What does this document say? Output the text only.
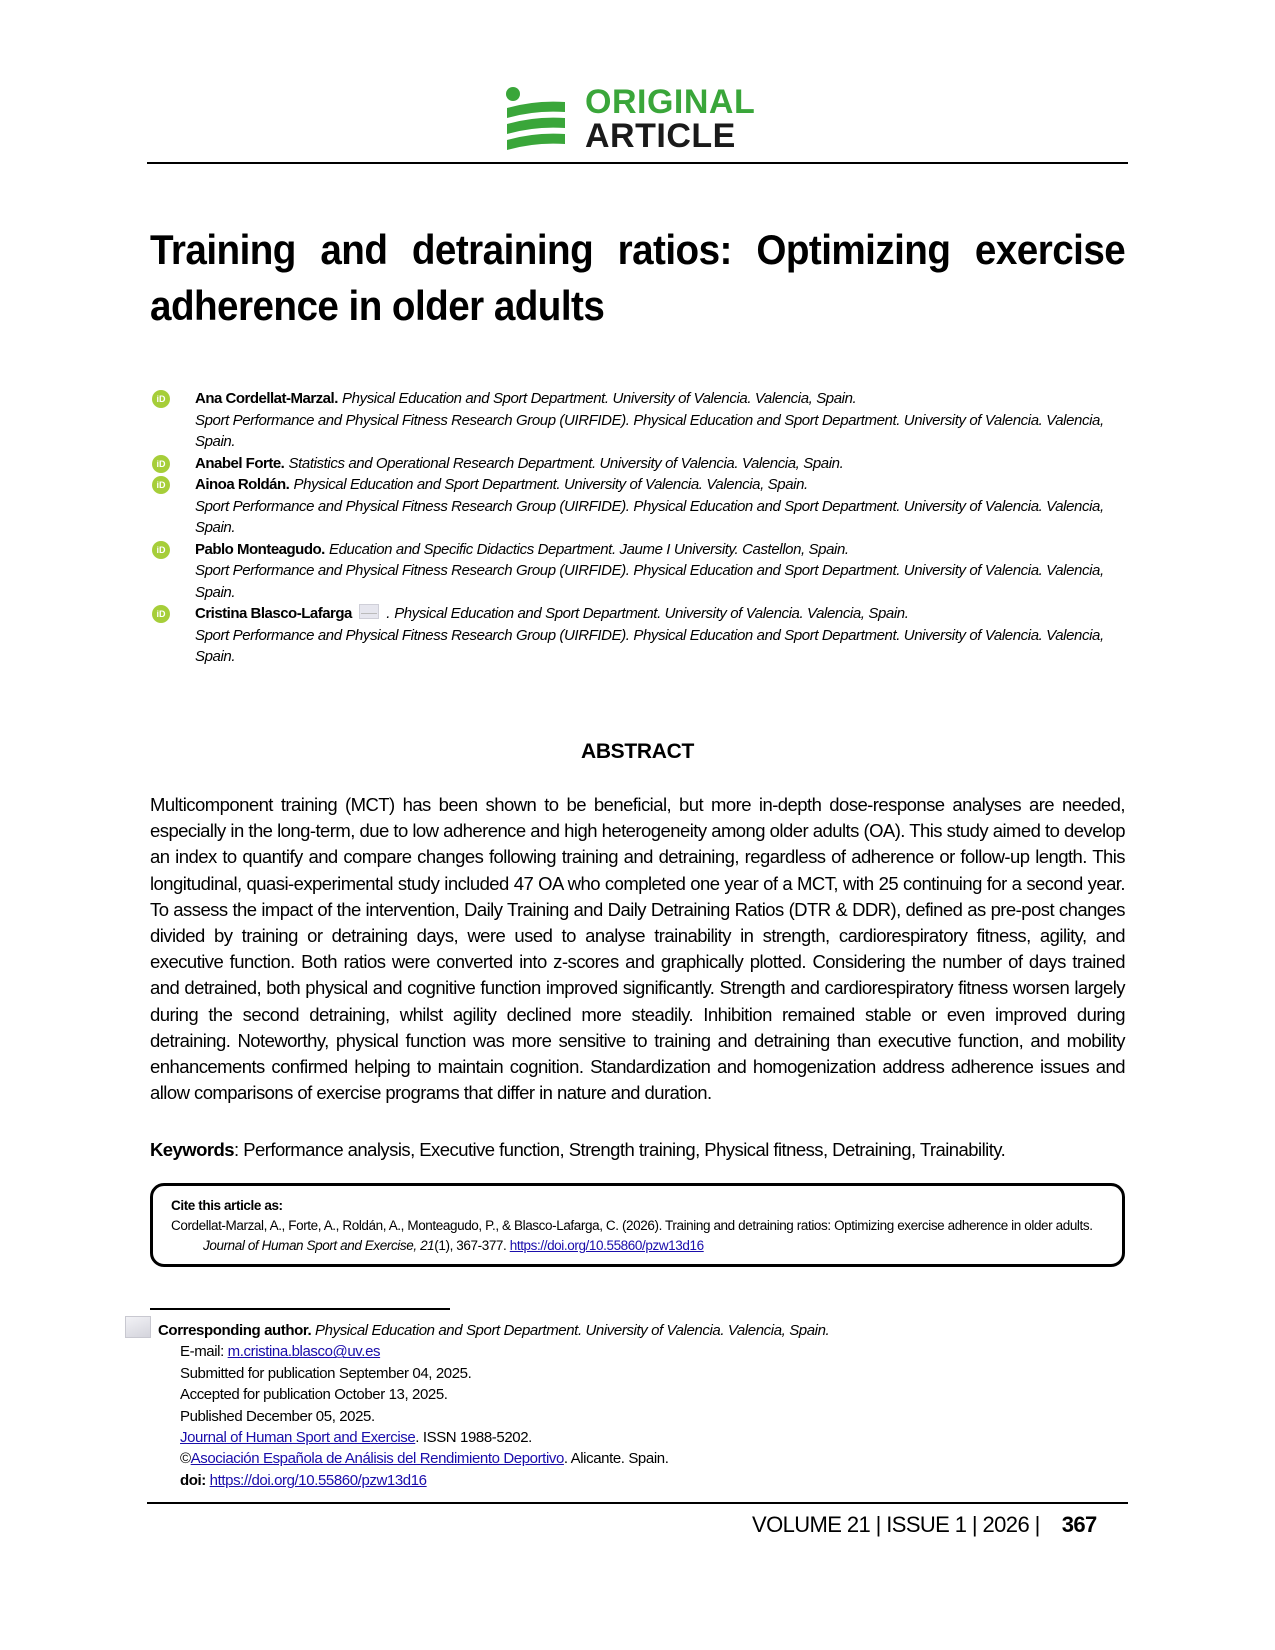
ORIGINAL
ARTICLE
Training and detraining ratios: Optimizing exercise adherence in older adults
iD	Ana Cordellat-Marzal. Physical Education and Sport Department. University of Valencia. Valencia, Spain.
Sport Performance and Physical Fitness Research Group (UIRFIDE). Physical Education and Sport Department. University of Valencia. Valencia, Spain.
iD	Anabel Forte. Statistics and Operational Research Department. University of Valencia. Valencia, Spain.
iD	Ainoa Roldán. Physical Education and Sport Department. University of Valencia. Valencia, Spain.
Sport Performance and Physical Fitness Research Group (UIRFIDE). Physical Education and Sport Department. University of Valencia. Valencia, Spain.
iD	Pablo Monteagudo. Education and Specific Didactics Department. Jaume I University. Castellon, Spain.
Sport Performance and Physical Fitness Research Group (UIRFIDE). Physical Education and Sport Department. University of Valencia. Valencia, Spain.
iD	Cristina Blasco-Lafarga . Physical Education and Sport Department. University of Valencia. Valencia, Spain.
Sport Performance and Physical Fitness Research Group (UIRFIDE). Physical Education and Sport Department. University of Valencia. Valencia, Spain.
ABSTRACT
Multicomponent training (MCT) has been shown to be beneficial, but more in-depth dose-response analyses are needed, especially in the long-term, due to low adherence and high heterogeneity among older adults (OA). This study aimed to develop an index to quantify and compare changes following training and detraining, regardless of adherence or follow-up length. This longitudinal, quasi-experimental study included 47 OA who completed one year of a MCT, with 25 continuing for a second year. To assess the impact of the intervention, Daily Training and Daily Detraining Ratios (DTR & DDR), defined as pre-post changes divided by training or detraining days, were used to analyse trainability in strength, cardiorespiratory fitness, agility, and executive function. Both ratios were converted into z-scores and graphically plotted. Considering the number of days trained and detrained, both physical and cognitive function improved significantly. Strength and cardiorespiratory fitness worsen largely during the second detraining, whilst agility declined more steadily. Inhibition remained stable or even improved during detraining. Noteworthy, physical function was more sensitive to training and detraining than executive function, and mobility enhancements confirmed helping to maintain cognition. Standardization and homogenization address adherence issues and allow comparisons of exercise programs that differ in nature and duration.
Keywords: Performance analysis, Executive function, Strength training, Physical fitness, Detraining, Trainability.
Cite this article as:
Cordellat-Marzal, A., Forte, A., Roldán, A., Monteagudo, P., & Blasco-Lafarga, C. (2026). Training and detraining ratios: Optimizing exercise adherence in older adults. Journal of Human Sport and Exercise, 21(1), 367-377. https://doi.org/10.55860/pzw13d16
Corresponding author. Physical Education and Sport Department. University of Valencia. Valencia, Spain.
E-mail: m.cristina.blasco@uv.es
Submitted for publication September 04, 2025.
Accepted for publication October 13, 2025.
Published December 05, 2025.
Journal of Human Sport and Exercise. ISSN 1988-5202.
©Asociación Española de Análisis del Rendimiento Deportivo. Alicante. Spain.
doi: https://doi.org/10.55860/pzw13d16
VOLUME 21 | ISSUE 1 | 2026 | 367
